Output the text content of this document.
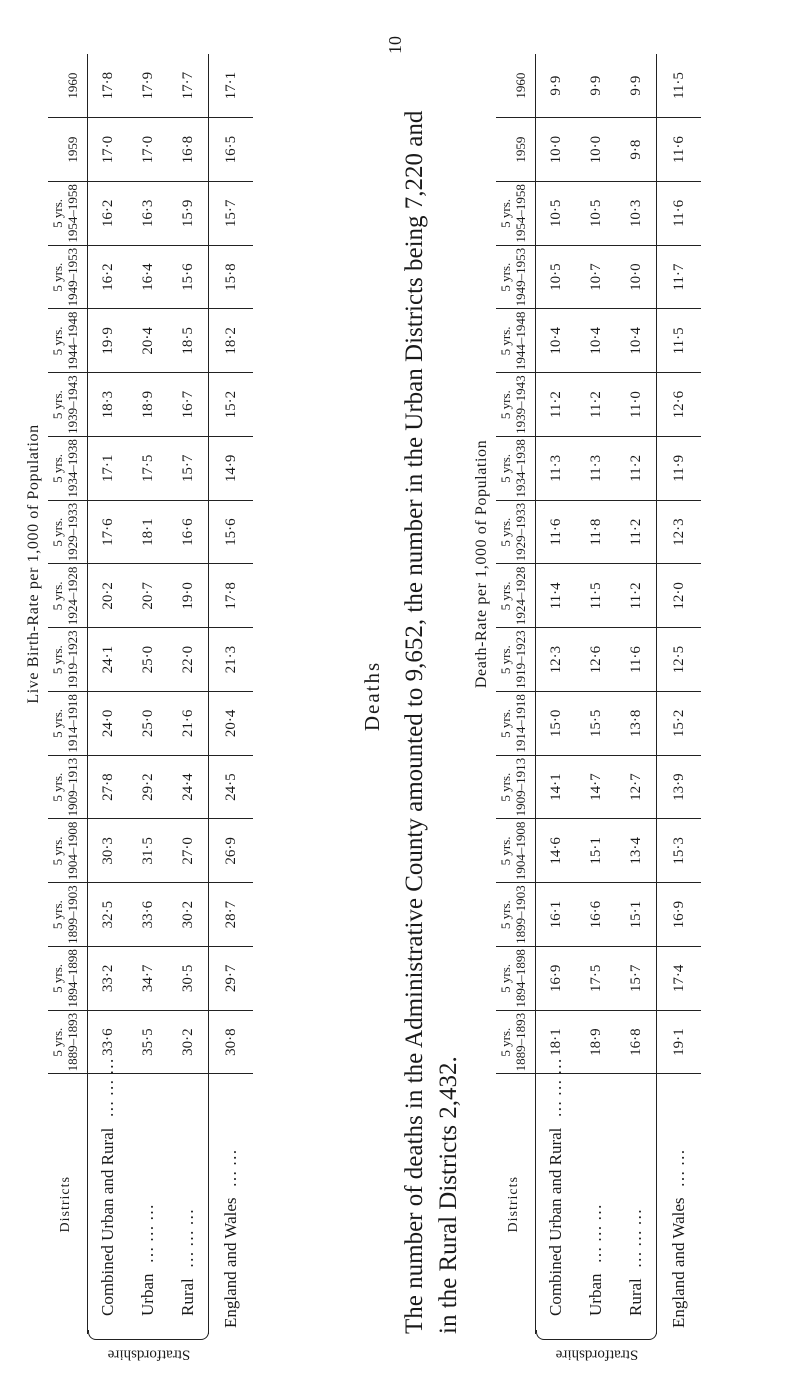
	Live Birth-Rate per 1,000 of Population															
Districts	5 yrs. 1889–1893	5 yrs. 1894–1898	5 yrs. 1899–1903	5 yrs. 1904–1908	5 yrs. 1909–1913	5 yrs. 1914–1918	5 yrs. 1919–1923	5 yrs. 1924–1928	5 yrs. 1929–1933	5 yrs. 1934–1938	5 yrs. 1939–1943	5 yrs. 1944–1948	5 yrs. 1949–1953	5 yrs. 1954–1958	1959	1960
Combined Urban and Rural… … …	33·6	33·2	32·5	30·3	27·8	24·0	24·1	20·2	17·6	17·1	18·3	19·9	16·2	16·2	17·0	17·8
Urban… … …	35·5	34·7	33·6	31·5	29·2	25·0	25·0	20·7	18·1	17·5	18·9	20·4	16·4	16·3	17·0	17·9
Rural… … …	30·2	30·5	30·2	27·0	24·4	21·6	22·0	19·0	16·6	15·7	16·7	18·5	15·6	15·9	16·8	17·7
England and Wales… …	30·8	29·7	28·7	26·9	24·5	20·4	21·3	17·8	15·6	14·9	15·2	18·2	15·8	15·7	16·5	17·1
Deaths The number of deaths in the Administrative County amounted to 9,652, the number in the Urban Districts being 7,220 and in the Rural Districts 2,432.
	Death-Rate per 1,000 of Population															
Districts	5 yrs. 1889–1893	5 yrs. 1894–1898	5 yrs. 1899–1903	5 yrs. 1904–1908	5 yrs. 1909–1913	5 yrs. 1914–1918	5 yrs. 1919–1923	5 yrs. 1924–1928	5 yrs. 1929–1933	5 yrs. 1934–1938	5 yrs. 1939–1943	5 yrs. 1944–1948	5 yrs. 1949–1953	5 yrs. 1954–1958	1959	1960
Combined Urban and Rural… … …	18·1	16·9	16·1	14·6	14·1	15·0	12·3	11·4	11·6	11·3	11·2	10·4	10·5	10·5	10·0	9·9
Urban… … …	18·9	17·5	16·6	15·1	14·7	15·5	12·6	11·5	11·8	11·3	11·2	10·4	10·7	10·5	10·0	9·9
Rural… … …	16·8	15·7	15·1	13·4	12·7	13·8	11·6	11·2	11·2	11·2	11·0	10·4	10·0	10·3	9·8	9·9
England and Wales… …	19·1	17·4	16·9	15·3	13·9	15·2	12·5	12·0	12·3	11·9	12·6	11·5	11·7	11·6	11·6	11·5
10
Stratfordshire	Stratfordshire
